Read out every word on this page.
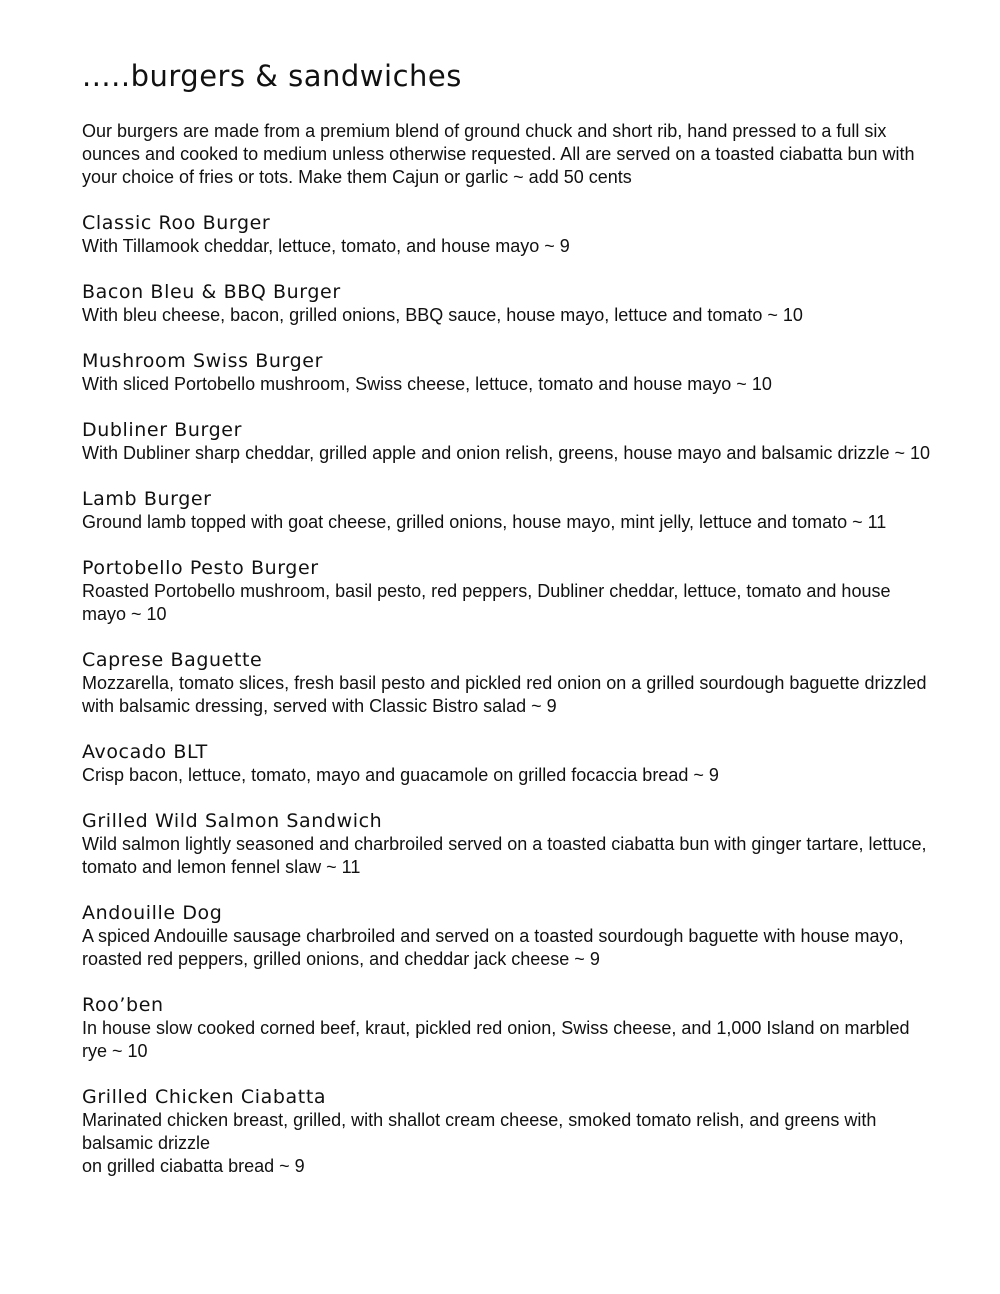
.....burgers & sandwiches

Our burgers are made from a premium blend of ground chuck and short rib, hand pressed to a full six ounces and cooked to medium unless otherwise requested. All are served on a toasted ciabatta bun with your choice of fries or tots. Make them Cajun or garlic ~ add 50 cents

Classic Roo Burger
With Tillamook cheddar, lettuce, tomato, and house mayo ~ 9
Bacon Bleu & BBQ Burger
With bleu cheese, bacon, grilled onions, BBQ sauce, house mayo, lettuce and tomato ~ 10
Mushroom Swiss Burger
With sliced Portobello mushroom, Swiss cheese, lettuce, tomato and house mayo ~ 10
Dubliner Burger
With Dubliner sharp cheddar, grilled apple and onion relish, greens, house mayo and balsamic drizzle ~ 10
Lamb Burger
Ground lamb topped with goat cheese, grilled onions, house mayo, mint jelly, lettuce and tomato ~ 11
Portobello Pesto Burger
Roasted Portobello mushroom, basil pesto, red peppers, Dubliner cheddar, lettuce, tomato and house mayo ~ 10
Caprese Baguette
Mozzarella, tomato slices, fresh basil pesto and pickled red onion on a grilled sourdough baguette drizzled with balsamic dressing, served with Classic Bistro salad ~ 9
Avocado BLT
Crisp bacon, lettuce, tomato, mayo and guacamole on grilled focaccia bread ~ 9
Grilled Wild Salmon Sandwich
Wild salmon lightly seasoned and charbroiled served on a toasted ciabatta bun with ginger tartare, lettuce, tomato and lemon fennel slaw ~ 11
Andouille Dog
A spiced Andouille sausage charbroiled and served on a toasted sourdough baguette with house mayo, roasted red peppers, grilled onions, and cheddar jack cheese ~ 9
Roo’ben
In house slow cooked corned beef, kraut, pickled red onion, Swiss cheese, and 1,000 Island on marbled rye ~ 10
Grilled Chicken Ciabatta
Marinated chicken breast, grilled, with shallot cream cheese, smoked tomato relish, and greens with balsamic drizzle
on grilled ciabatta bread ~ 9
